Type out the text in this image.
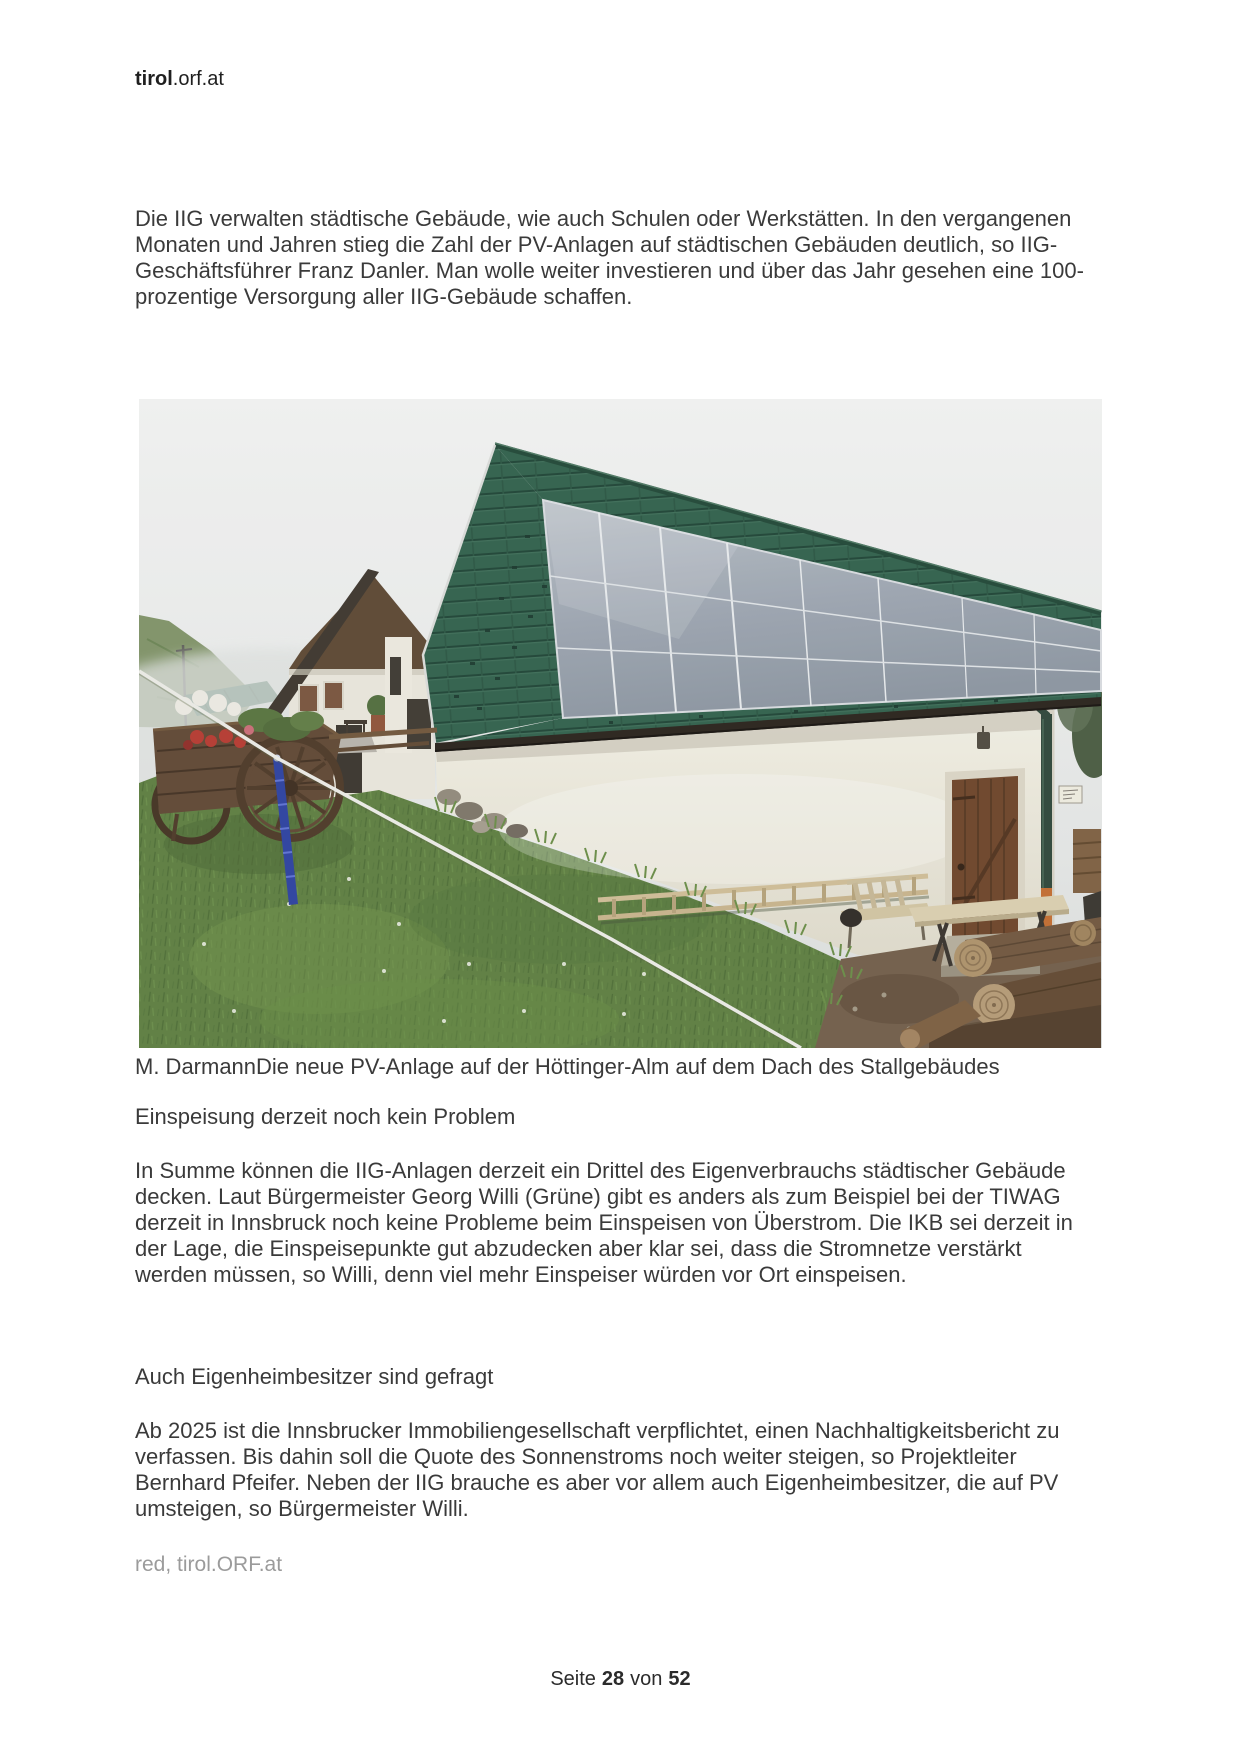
tirol.orf.at
Die IIG verwalten städtische Gebäude, wie auch Schulen oder Werkstätten. In den vergangenen Monaten und Jahren stieg die Zahl der PV-Anlagen auf städtischen Gebäuden deutlich, so IIG-Geschäftsführer Franz Danler. Man wolle weiter investieren und über das Jahr gesehen eine 100-prozentige Versorgung aller IIG-Gebäude schaffen.
M. DarmannDie neue PV-Anlage auf der Höttinger-Alm auf dem Dach des Stallgebäudes
Einspeisung derzeit noch kein Problem
In Summe können die IIG-Anlagen derzeit ein Drittel des Eigenverbrauchs städtischer Gebäude decken. Laut Bürgermeister Georg Willi (Grüne) gibt es anders als zum Beispiel bei der TIWAG derzeit in Innsbruck noch keine Probleme beim Einspeisen von Überstrom. Die IKB sei derzeit in der Lage, die Einspeisepunkte gut abzudecken aber klar sei, dass die Stromnetze verstärkt werden müssen, so Willi, denn viel mehr Einspeiser würden vor Ort einspeisen.
Auch Eigenheimbesitzer sind gefragt
Ab 2025 ist die Innsbrucker Immobiliengesellschaft verpflichtet, einen Nachhaltigkeitsbericht zu verfassen. Bis dahin soll die Quote des Sonnenstroms noch weiter steigen, so Projektleiter Bernhard Pfeifer. Neben der IIG brauche es aber vor allem auch Eigenheimbesitzer, die auf PV umsteigen, so Bürgermeister Willi.
red, tirol.ORF.at
Seite 28 von 52
